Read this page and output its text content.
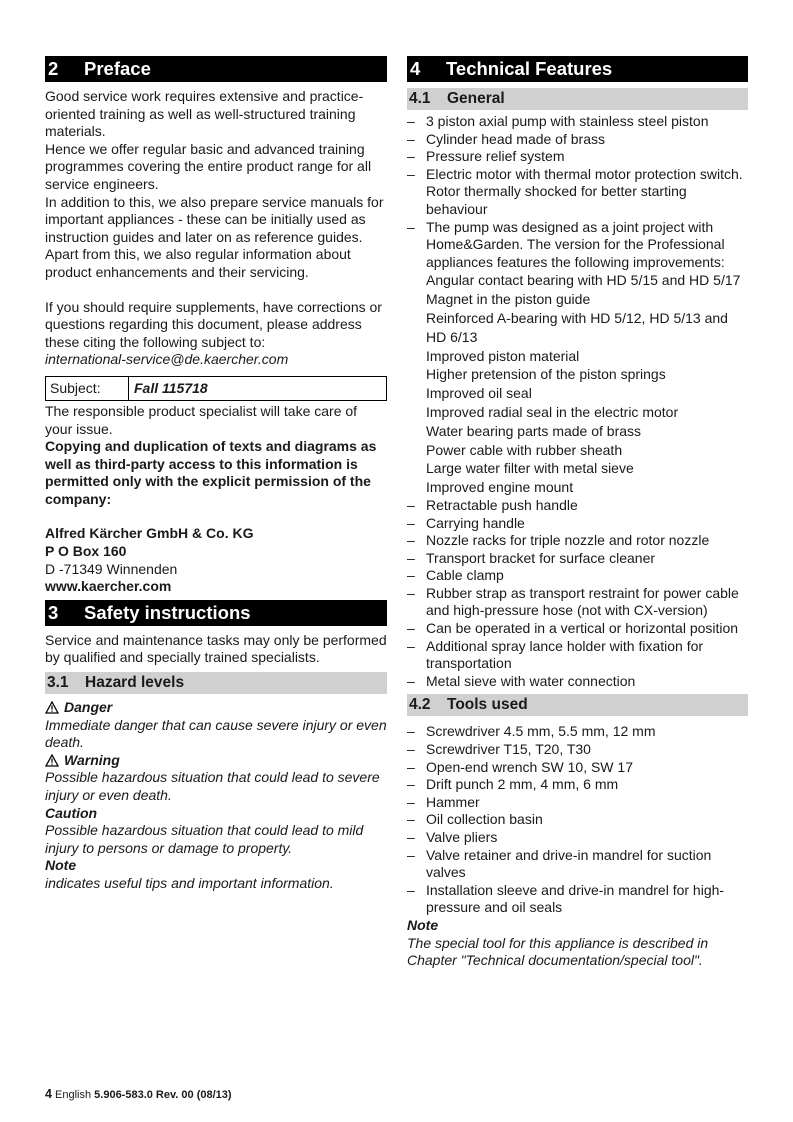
2 Preface

Good service work requires extensive and practice-oriented training as well as well-structured training materials.

Hence we offer regular basic and advanced training programmes covering the entire product range for all service engineers.

In addition to this, we also prepare service manuals for important appliances - these can be initially used as instruction guides and later on as reference guides.

Apart from this, we also regular information about product enhancements and their servicing.

If you should require supplements, have corrections or questions regarding this document, please address these citing the following subject to:

international-service@de.kaercher.com

Subject:	Fall 115718

The responsible product specialist will take care of your issue.

Copying and duplication of texts and diagrams as well as third-party access to this information is permitted only with the explicit permission of the company:

Alfred Kärcher GmbH & Co. KG

P O Box 160

D -71349 Winnenden

www.kaercher.com

3 Safety instructions

Service and maintenance tasks may only be performed by qualified and specially trained specialists.

3.1 Hazard levels
Danger

Immediate danger that can cause severe injury or even death.

Warning

Possible hazardous situation that could lead to severe injury or even death.

Caution

Possible hazardous situation that could lead to mild injury to persons or damage to property.

Note

indicates useful tips and important information.

4 Technical Features
4.1 General
– 3 piston axial pump with stainless steel piston
– Cylinder head made of brass
– Pressure relief system
– Electric motor with thermal motor protection switch. Rotor thermally shocked for better starting behaviour
– The pump was designed as a joint project with Home&Garden. The version for the Professional appliances features the following improvements:
Angular contact bearing with HD 5/15 and HD 5/17
Magnet in the piston guide
Reinforced A-bearing with HD 5/12, HD 5/13 and HD 6/13
Improved piston material
Higher pretension of the piston springs
Improved oil seal
Improved radial seal in the electric motor
Water bearing parts made of brass
Power cable with rubber sheath
Large water filter with metal sieve
Improved engine mount
– Retractable push handle
– Carrying handle
– Nozzle racks for triple nozzle and rotor nozzle
– Transport bracket for surface cleaner
– Cable clamp
– Rubber strap as transport restraint for power cable and high-pressure hose (not with CX-version)
– Can be operated in a vertical or horizontal position
– Additional spray lance holder with fixation for transportation
– Metal sieve with water connection
4.2 Tools used
– Screwdriver 4.5 mm, 5.5 mm, 12 mm
– Screwdriver T15, T20, T30
– Open-end wrench SW 10, SW 17
– Drift punch 2 mm, 4 mm, 6 mm
– Hammer
– Oil collection basin
– Valve pliers
– Valve retainer and drive-in mandrel for suction valves
– Installation sleeve and drive-in mandrel for high-pressure and oil seals

Note

The special tool for this appliance is described in Chapter "Technical documentation/special tool".

4 English 5.906-583.0 Rev. 00 (08/13)
